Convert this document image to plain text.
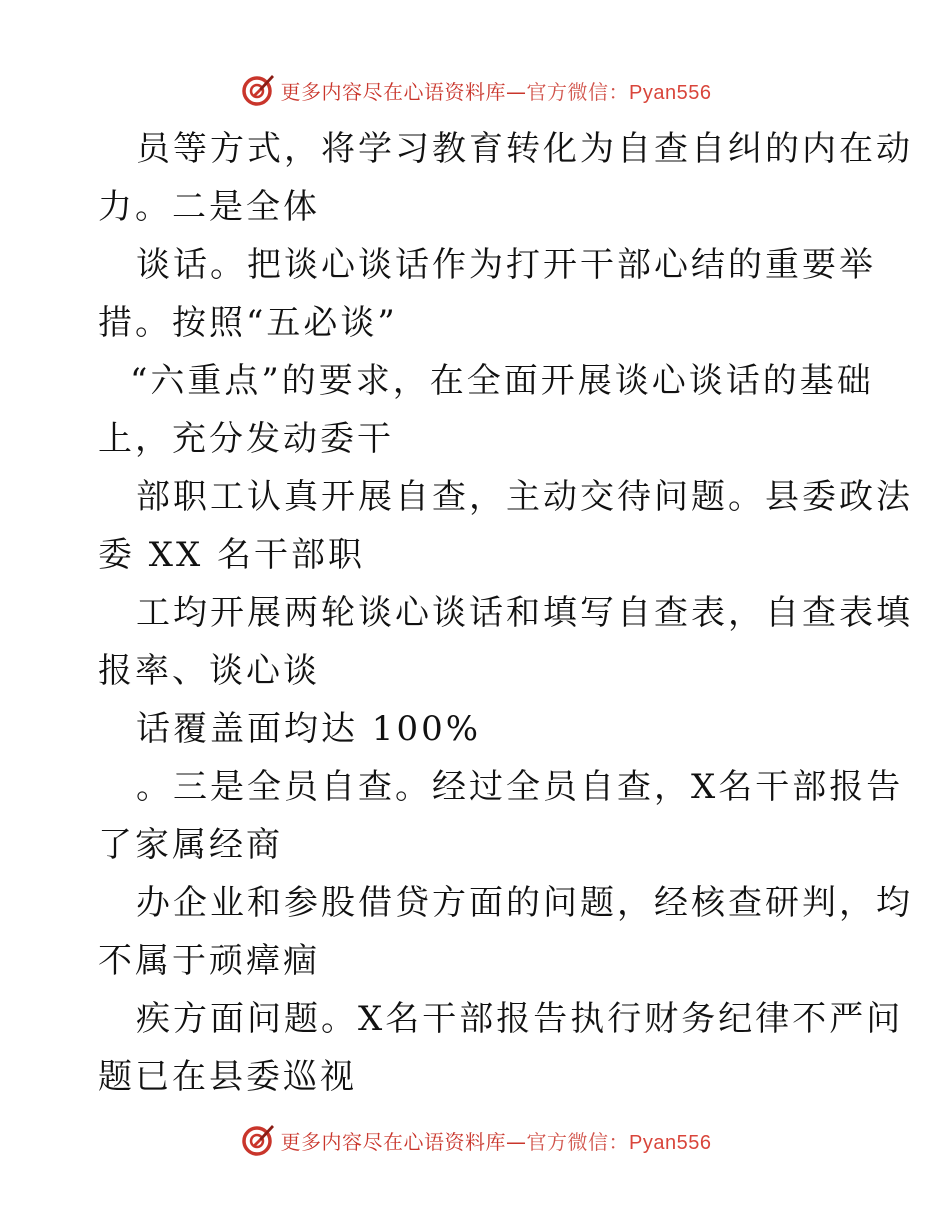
更多内容尽在心语资料库—官方微信：Pyan556
员等方式，将学习教育转化为自查自纠的内在动
力。二是全体
谈话。把谈心谈话作为打开干部心结的重要举
措。按照“五必谈”
“六重点”的要求，在全面开展谈心谈话的基础
上，充分发动委干
部职工认真开展自查，主动交待问题。县委政法
委 XX 名干部职
工均开展两轮谈心谈话和填写自查表，自查表填
报率、谈心谈
话覆盖面均达 100%
。三是全员自查。经过全员自查，X名干部报告
了家属经商
办企业和参股借贷方面的问题，经核查研判，均
不属于顽瘴痼
疾方面问题。X名干部报告执行财务纪律不严问
题已在县委巡视
更多内容尽在心语资料库—官方微信：Pyan556
